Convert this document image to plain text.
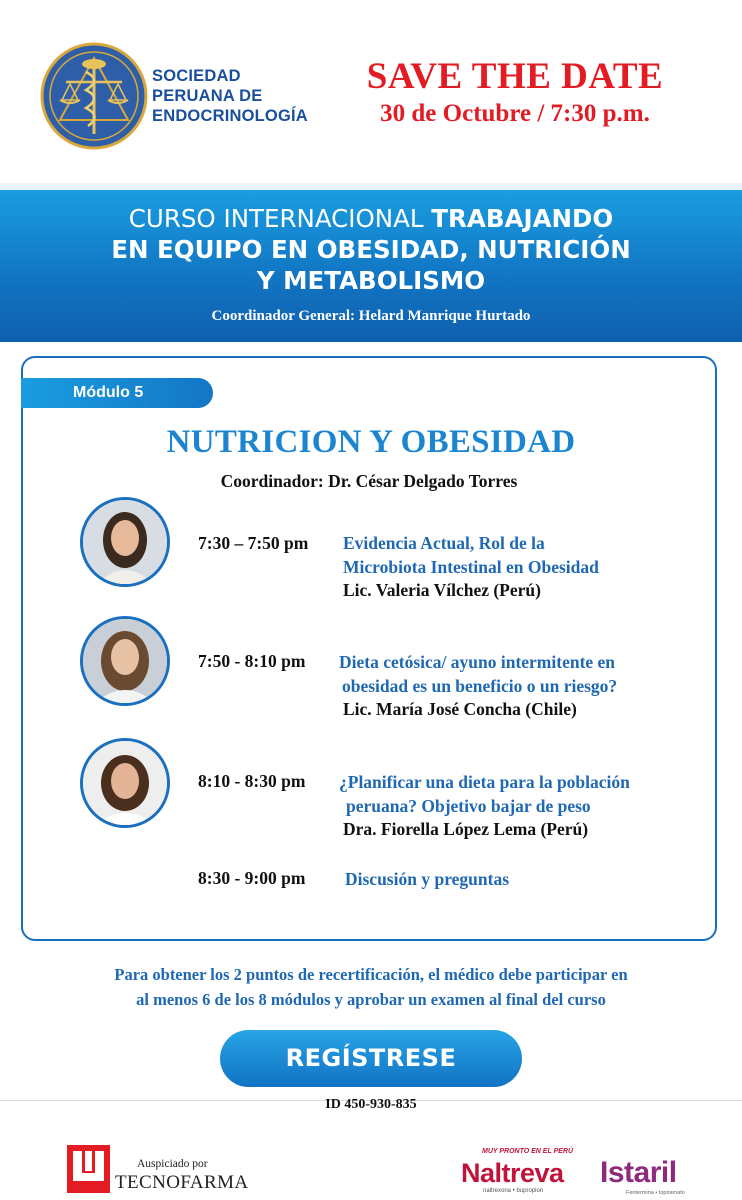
SOCIEDAD
PERUANA DE
ENDOCRINOLOGÍA
SAVE THE DATE
30 de Octubre / 7:30 p.m.
CURSO INTERNACIONAL TRABAJANDO
EN EQUIPO EN OBESIDAD, NUTRICIÓN
Y METABOLISMO
Coordinador General: Helard Manrique Hurtado
Módulo 5
NUTRICION Y OBESIDAD
Coordinador: Dr. César Delgado Torres
7:30 – 7:50 pm Evidencia Actual, Rol de la
Microbiota Intestinal en Obesidad
Lic. Valeria Vílchez (Perú)
7:50 - 8:10 pm Dieta cetósica/ ayuno intermitente en
obesidad es un beneficio o un riesgo?
Lic. María José Concha (Chile)
8:10 - 8:30 pm ¿Planificar una dieta para la población
peruana? Objetivo bajar de peso
Dra. Fiorella López Lema (Perú)
8:30 - 9:00 pm Discusión y preguntas
Para obtener los 2 puntos de recertificación, el médico debe participar en
al menos 6 de los 8 módulos y aprobar un examen al final del curso
REGÍSTRESE
ID 450-930-835
Auspiciado por
TECNOFARMA
MUY PRONTO EN EL PERÚ
Naltreva
naltrexona • bupropion
Istaril
Fentermina • topiramato
